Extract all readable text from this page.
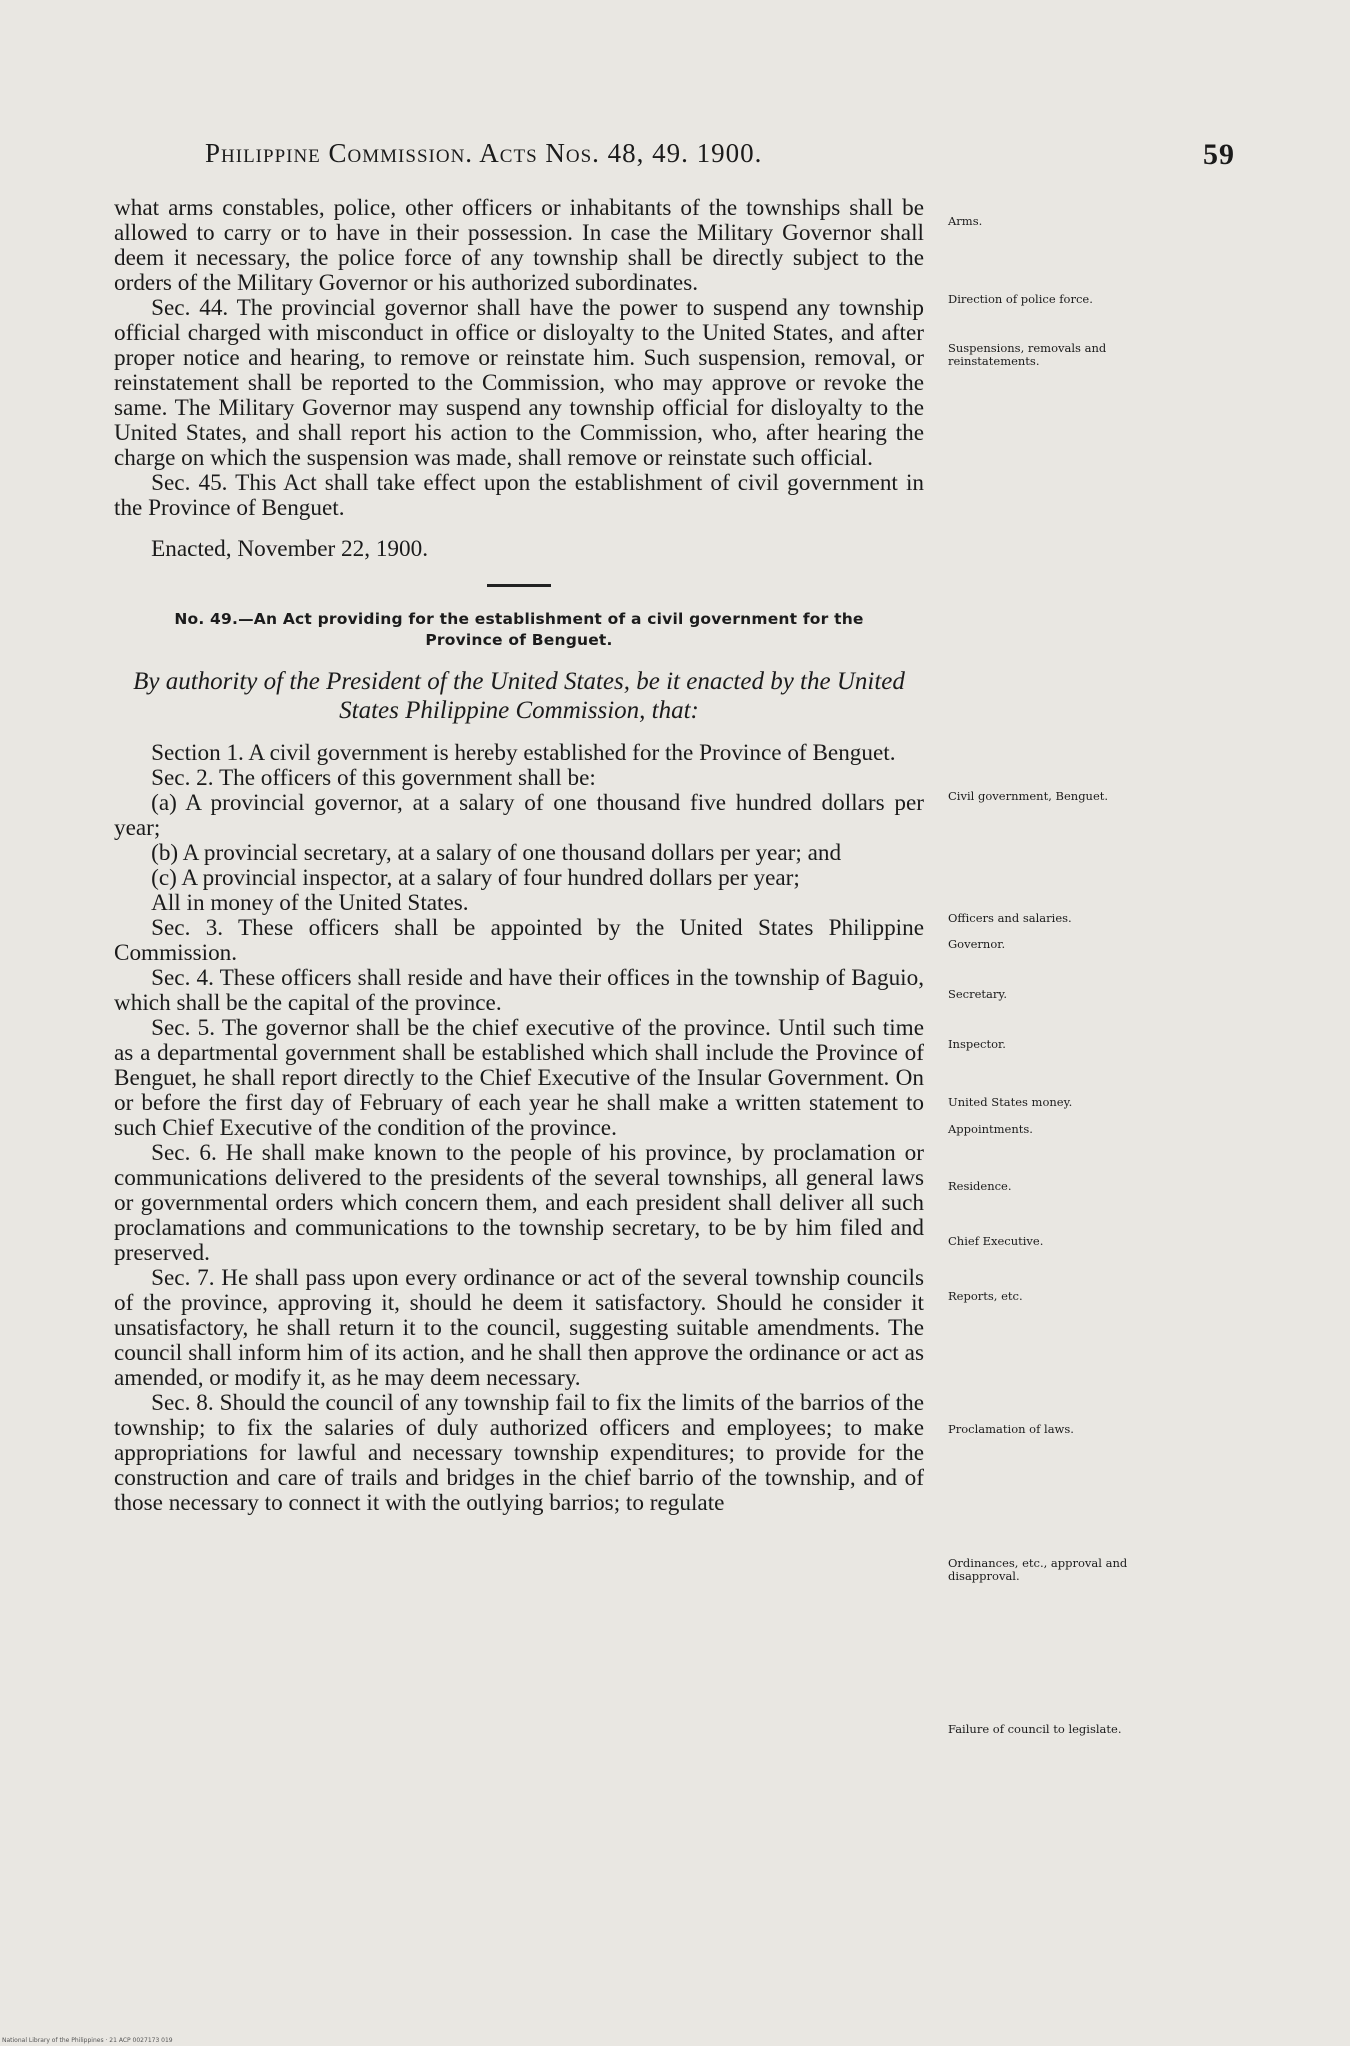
Philippine Commission. Acts Nos. 48, 49. 1900.	59

what arms constables, police, other officers or inhabitants of the townships shall be allowed to carry or to have in their possession. In case the Military Governor shall deem it necessary, the police force of any township shall be directly subject to the orders of the Military Governor or his authorized subordinates.

Sec. 44. The provincial governor shall have the power to suspend any township official charged with misconduct in office or disloyalty to the United States, and after proper notice and hearing, to remove or reinstate him. Such suspension, removal, or reinstatement shall be reported to the Commission, who may approve or revoke the same. The Military Governor may suspend any township official for disloyalty to the United States, and shall report his action to the Commission, who, after hearing the charge on which the suspension was made, shall remove or reinstate such official.

Sec. 45. This Act shall take effect upon the establishment of civil government in the Province of Benguet.

Enacted, November 22, 1900.

No. 49.—An Act providing for the establishment of a civil government for the Province of Benguet.

By authority of the President of the United States, be it enacted by the United States Philippine Commission, that:

Section 1. A civil government is hereby established for the Province of Benguet.

Sec. 2. The officers of this government shall be:

(a) A provincial governor, at a salary of one thousand five hundred dollars per year;

(b) A provincial secretary, at a salary of one thousand dollars per year; and

(c) A provincial inspector, at a salary of four hundred dollars per year;

All in money of the United States.

Sec. 3. These officers shall be appointed by the United States Philippine Commission.

Sec. 4. These officers shall reside and have their offices in the township of Baguio, which shall be the capital of the province.

Sec. 5. The governor shall be the chief executive of the province. Until such time as a departmental government shall be established which shall include the Province of Benguet, he shall report directly to the Chief Executive of the Insular Government. On or before the first day of February of each year he shall make a written statement to such Chief Executive of the condition of the province.

Sec. 6. He shall make known to the people of his province, by proclamation or communications delivered to the presidents of the several townships, all general laws or governmental orders which concern them, and each president shall deliver all such proclamations and communications to the township secretary, to be by him filed and preserved.

Sec. 7. He shall pass upon every ordinance or act of the several township councils of the province, approving it, should he deem it satisfactory. Should he consider it unsatisfactory, he shall return it to the council, suggesting suitable amendments. The council shall inform him of its action, and he shall then approve the ordinance or act as amended, or modify it, as he may deem necessary.

Sec. 8. Should the council of any township fail to fix the limits of the barrios of the township; to fix the salaries of duly authorized officers and employees; to make appropriations for lawful and necessary township expenditures; to provide for the construction and care of trails and bridges in the chief barrio of the township, and of those necessary to connect it with the outlying barrios; to regulate

Arms.
Direction of police force.
Suspensions, removals and reinstatements.
Civil government, Benguet.
Officers and salaries.
Governor.
Secretary.
Inspector.
United States money.
Appointments.
Residence.
Chief Executive.
Reports, etc.
Proclamation of laws.
Ordinances, etc., approval and disapproval.
Failure of council to legislate.
National Library of the Philippines · 21 ACP 0027173 019
